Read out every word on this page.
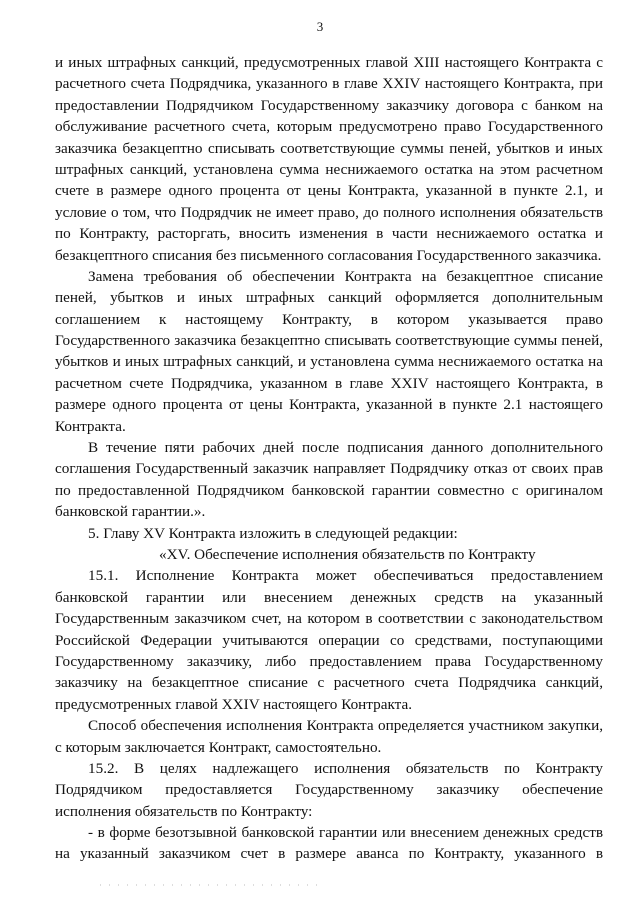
3
и иных штрафных санкций, предусмотренных главой XIII настоящего Контракта с
расчетного счета Подрядчика, указанного в главе XXIV настоящего Контракта, при
предоставлении Подрядчиком Государственному заказчику договора с банком на
обслуживание расчетного счета, которым предусмотрено право Государственного
заказчика безакцептно списывать соответствующие суммы пеней, убытков и иных
штрафных санкций, установлена сумма неснижаемого остатка на этом расчетном
счете в размере одного процента от цены Контракта, указанной в пункте 2.1, и
условие о том, что Подрядчик не имеет право, до полного исполнения обязательств
по Контракту, расторгать, вносить изменения в части неснижаемого остатка и
безакцептного списания без письменного согласования Государственного заказчика.
Замена требования об обеспечении Контракта на безакцептное списание
пеней, убытков и иных штрафных санкций оформляется дополнительным
соглашением к настоящему Контракту, в котором указывается право
Государственного заказчика безакцептно списывать соответствующие суммы пеней,
убытков и иных штрафных санкций, и установлена сумма неснижаемого остатка на
расчетном счете Подрядчика, указанном в главе XXIV настоящего Контракта, в
размере одного процента от цены Контракта, указанной в пункте 2.1 настоящего
Контракта.
В течение пяти рабочих дней после подписания данного дополнительного
соглашения Государственный заказчик направляет Подрядчику отказ от своих прав
по предоставленной Подрядчиком банковской гарантии совместно с оригиналом
банковской гарантии.».
5. Главу XV Контракта изложить в следующей редакции:
«XV. Обеспечение исполнения обязательств по Контракту
15.1. Исполнение Контракта может обеспечиваться предоставлением
банковской гарантии или внесением денежных средств на указанный
Государственным заказчиком счет, на котором в соответствии с законодательством
Российской Федерации учитываются операции со средствами, поступающими
Государственному заказчику, либо предоставлением права Государственному
заказчику на безакцептное списание с расчетного счета Подрядчика санкций,
предусмотренных главой XXIV настоящего Контракта.
Способ обеспечения исполнения Контракта определяется участником закупки,
с которым заключается Контракт, самостоятельно.
15.2. В целях надлежащего исполнения обязательств по Контракту
Подрядчиком предоставляется Государственному заказчику обеспечение
исполнения обязательств по Контракту:
- в форме безотзывной банковской гарантии или внесением денежных средств
на указанный заказчиком счет в размере аванса по Контракту, указанного в
